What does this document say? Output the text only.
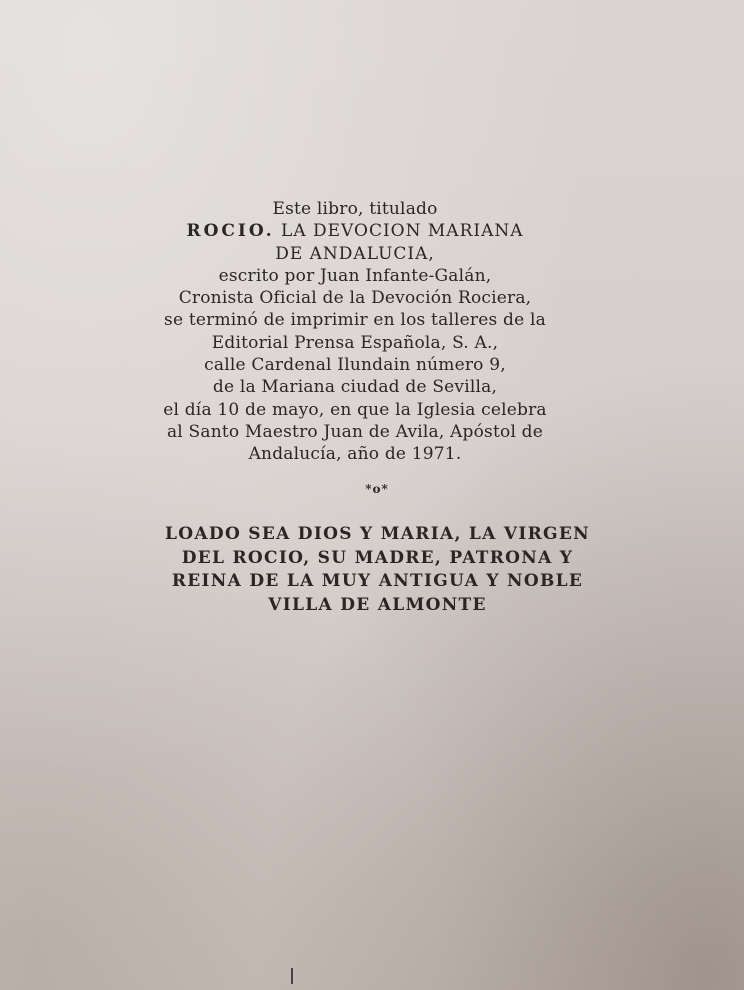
Este libro, titulado
ROCIO. LA DEVOCION MARIANA
DE ANDALUCIA,
escrito por Juan Infante-Galán,
Cronista Oficial de la Devoción Rociera,
se terminó de imprimir en los talleres de la
Editorial Prensa Española, S. A.,
calle Cardenal Ilundain número 9,
de la Mariana ciudad de Sevilla,
el día 10 de mayo, en que la Iglesia celebra
al Santo Maestro Juan de Avila, Apóstol de
Andalucía, año de 1971.
*o*
LOADO SEA DIOS Y MARIA, LA VIRGEN
DEL ROCIO, SU MADRE, PATRONA Y
REINA DE LA MUY ANTIGUA Y NOBLE
VILLA DE ALMONTE
